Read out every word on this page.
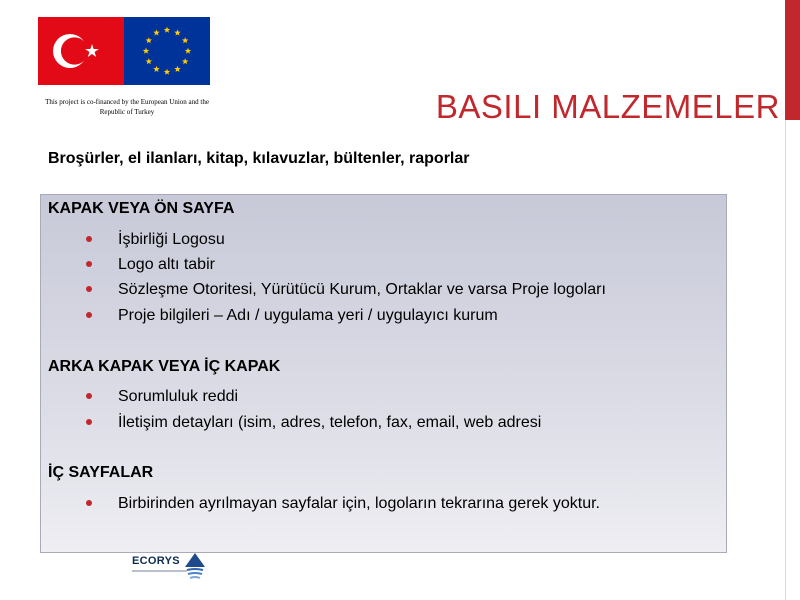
This project is co-financed by the European Union and the
Republic of Turkey	BASILI MALZEMELER
Broşürler, el ilanları, kitap, kılavuzlar, bültenler, raporlar
KAPAK VEYA ÖN SAYFA
İşbirliği Logosu
Logo altı tabir
Sözleşme Otoritesi, Yürütücü Kurum, Ortaklar ve varsa Proje logoları
Proje bilgileri – Adı / uygulama yeri / uygulayıcı kurum
ARKA KAPAK VEYA İÇ KAPAK
Sorumluluk reddi
İletişim detayları (isim, adres, telefon, fax, email, web adresi
İÇ SAYFALAR
Birbirinden ayrılmayan sayfalar için, logoların tekrarına gerek yoktur.
ECORYS
